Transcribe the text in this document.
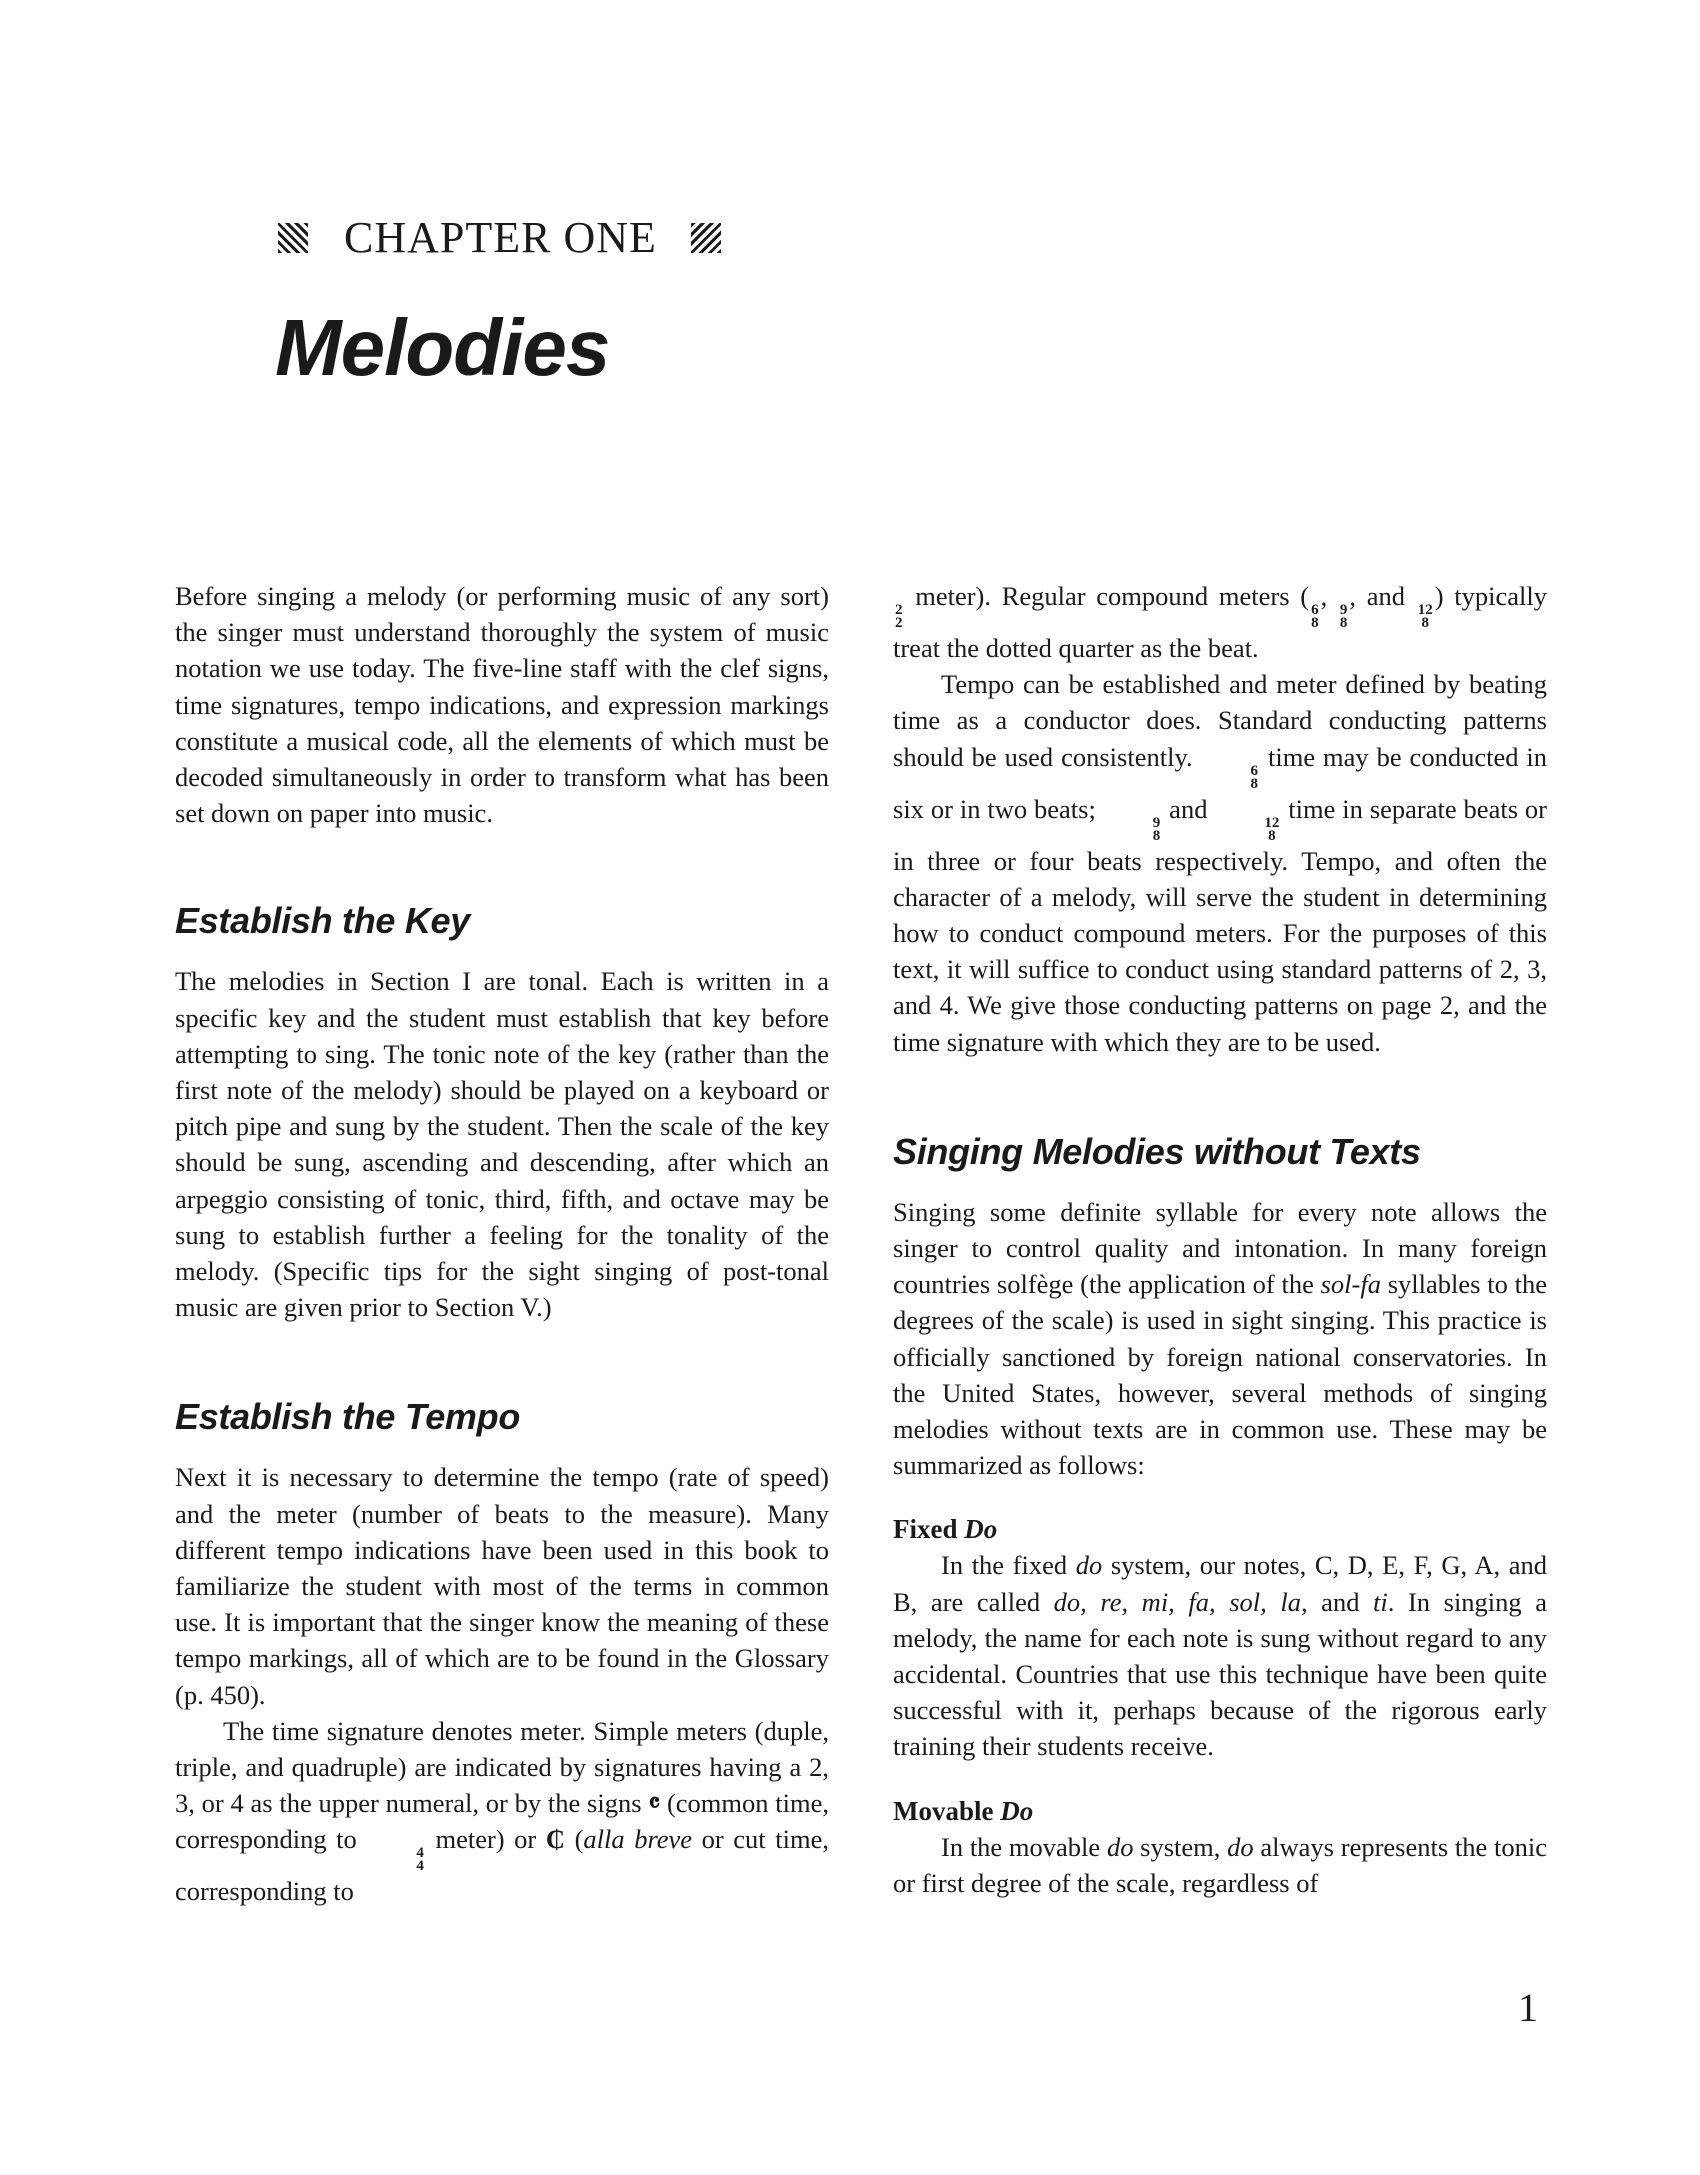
CHAPTER ONE
Melodies

Before singing a melody (or performing music of any sort) the singer must understand thoroughly the system of music notation we use today. The five-line staff with the clef signs, time signatures, tempo indications, and expression markings constitute a musical code, all the elements of which must be decoded simultaneously in order to transform what has been set down on paper into music.

Establish the Key

The melodies in Section I are tonal. Each is written in a specific key and the student must establish that key before attempting to sing. The tonic note of the key (rather than the first note of the melody) should be played on a keyboard or pitch pipe and sung by the student. Then the scale of the key should be sung, ascending and descending, after which an arpeggio consisting of tonic, third, fifth, and octave may be sung to establish further a feeling for the tonality of the melody. (Specific tips for the sight singing of post-tonal music are given prior to Section V.)

Establish the Tempo

Next it is necessary to determine the tempo (rate of speed) and the meter (number of beats to the measure). Many different tempo indications have been used in this book to familiarize the student with most of the terms in common use. It is important that the singer know the meaning of these tempo markings, all of which are to be found in the Glossary (p. 450).

The time signature denotes meter. Simple meters (duple, triple, and quadruple) are indicated by signatures having a 2, 3, or 4 as the upper numeral, or by the signs 𝄴 (common time, corresponding to	4
4
meter) or ₵ (alla breve or cut time, corresponding to

2
2
meter). Regular compound meters ( 6
8
, 9
8
, and 12
8
) typically treat the dotted quarter as the beat.

Tempo can be established and meter defined by beating time as a conductor does. Standard conducting patterns should be used consistently.	6
8
time may be conducted in six or in two beats;	9
8
and	12
8
time in separate beats or in three or four beats respectively. Tempo, and often the character of a melody, will serve the student in determining how to conduct compound meters. For the purposes of this text, it will suffice to conduct using standard patterns of 2, 3, and 4. We give those conducting patterns on page 2, and the time signature with which they are to be used.

Singing Melodies without Texts

Singing some definite syllable for every note allows the singer to control quality and intonation. In many foreign countries solfège (the application of the sol-fa syllables to the degrees of the scale) is used in sight singing. This practice is officially sanctioned by foreign national conservatories. In the United States, however, several methods of singing melodies without texts are in common use. These may be summarized as follows:

Fixed Do

In the fixed do system, our notes, C, D, E, F, G, A, and B, are called do, re, mi, fa, sol, la, and ti. In singing a melody, the name for each note is sung without regard to any accidental. Countries that use this technique have been quite successful with it, perhaps because of the rigorous early training their students receive.

Movable Do

In the movable do system, do always represents the tonic or first degree of the scale, regardless of

1
